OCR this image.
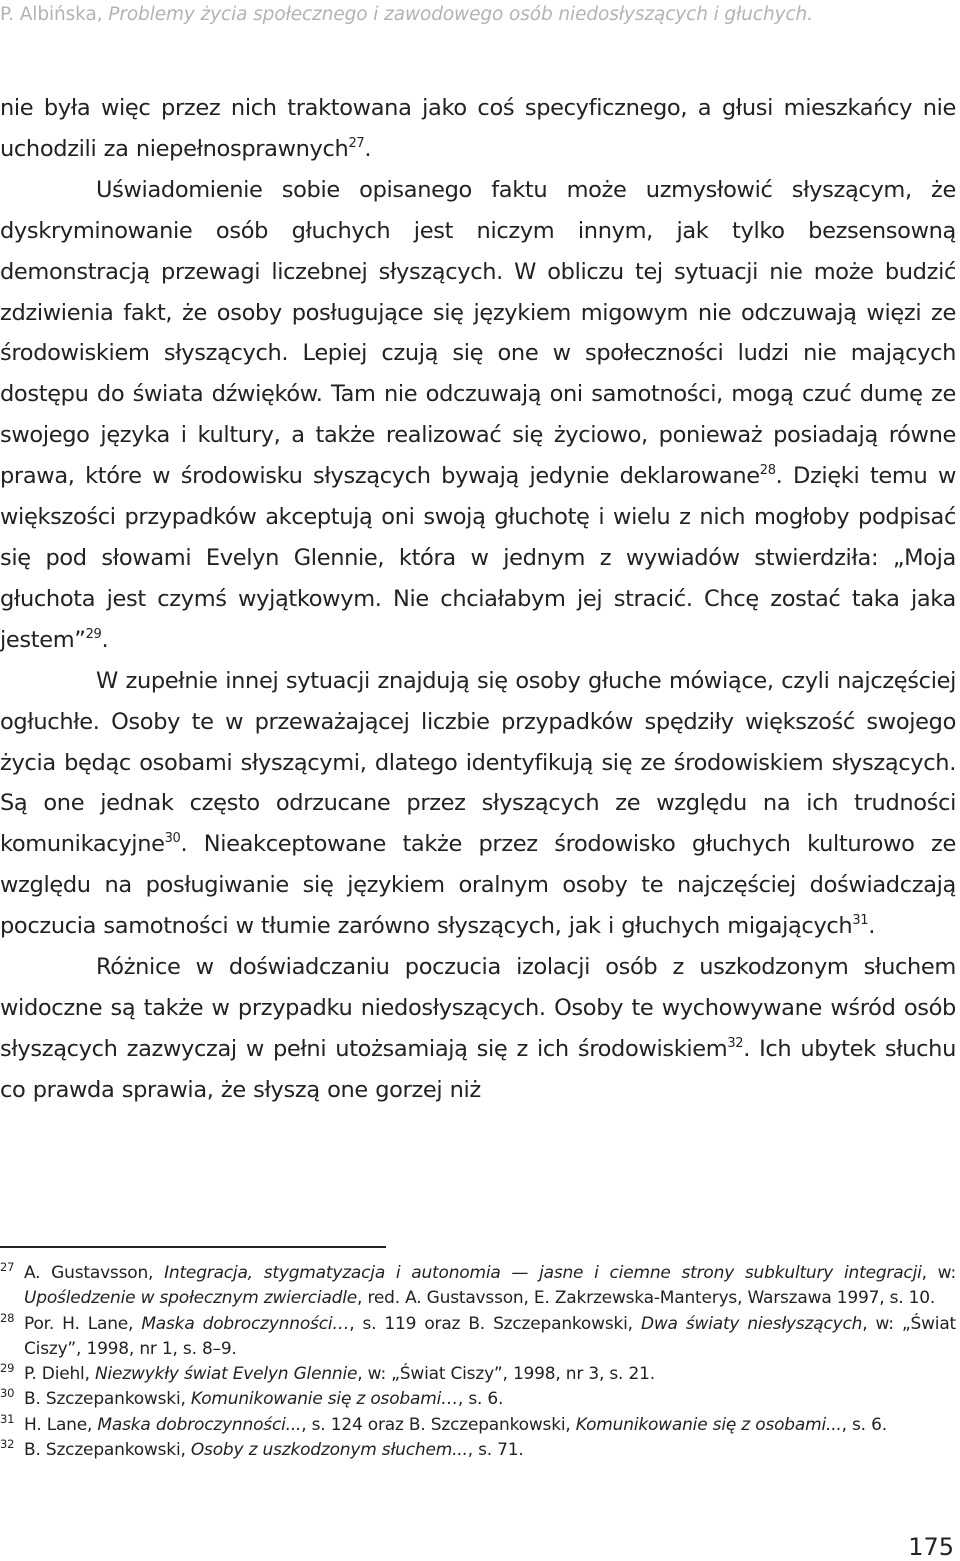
P. Albińska, Problemy życia społecznego i zawodowego osób niedosłyszących i głuchych.

nie była więc przez nich traktowana jako coś specyficznego, a głusi mieszkańcy nie uchodzili za niepełnosprawnych$^{27}$.

Uświadomienie sobie opisanego faktu może uzmysłowić słyszącym, że dyskryminowanie osób głuchych jest niczym innym, jak tylko bezsensowną demonstracją przewagi liczebnej słyszących. W obliczu tej sytuacji nie może budzić zdziwienia fakt, że osoby posługujące się językiem migowym nie odczuwają więzi ze środowiskiem słyszących. Lepiej czują się one w społeczności ludzi nie mających dostępu do świata dźwięków. Tam nie odczuwają oni samotności, mogą czuć dumę ze swojego języka i kultury, a także realizować się życiowo, ponieważ posiadają równe prawa, które w środowisku słyszących bywają jedynie deklarowane$^{28}$. Dzięki temu w większości przypadków akceptują oni swoją głuchotę i wielu z nich mogłoby podpisać się pod słowami Evelyn Glennie, która w jednym z wywiadów stwierdziła: „Moja głuchota jest czymś wyjątkowym. Nie chciałabym jej stracić. Chcę zostać taka jaka jestem”$^{29}$.

W zupełnie innej sytuacji znajdują się osoby głuche mówiące, czyli najczęściej ogłuchłe. Osoby te w przeważającej liczbie przypadków spędziły większość swojego życia będąc osobami słyszącymi, dlatego identyfikują się ze środowiskiem słyszących. Są one jednak często odrzucane przez słyszących ze względu na ich trudności komunikacyjne$^{30}$. Nieakceptowane także przez środowisko głuchych kulturowo ze względu na posługiwanie się językiem oralnym osoby te najczęściej doświadczają poczucia samotności w tłumie zarówno słyszących, jak i głuchych migających$^{31}$.

Różnice w doświadczaniu poczucia izolacji osób z uszkodzonym słuchem widoczne są także w przypadku niedosłyszących. Osoby te wychowywane wśród osób słyszących zazwyczaj w pełni utożsamiają się z ich środowiskiem$^{32}$. Ich ubytek słuchu co prawda sprawia, że słyszą one gorzej niż

27 A. Gustavsson, Integracja, stygmatyzacja i autonomia — jasne i ciemne strony subkultury integracji, w: Upośledzenie w społecznym zwierciadle, red. A. Gustavsson, E. Zakrzewska-Manterys, Warszawa 1997, s. 10.

28 Por. H. Lane, Maska dobroczynności…, s. 119 oraz B. Szczepankowski, Dwa światy niesłyszących, w: „Świat Ciszy”, 1998, nr 1, s. 8–9.

29 P. Diehl, Niezwykły świat Evelyn Glennie, w: „Świat Ciszy”, 1998, nr 3, s. 21.

30 B. Szczepankowski, Komunikowanie się z osobami…, s. 6.

31 H. Lane, Maska dobroczynności..., s. 124 oraz B. Szczepankowski, Komunikowanie się z osobami..., s. 6.

32 B. Szczepankowski, Osoby z uszkodzonym słuchem..., s. 71.

175
